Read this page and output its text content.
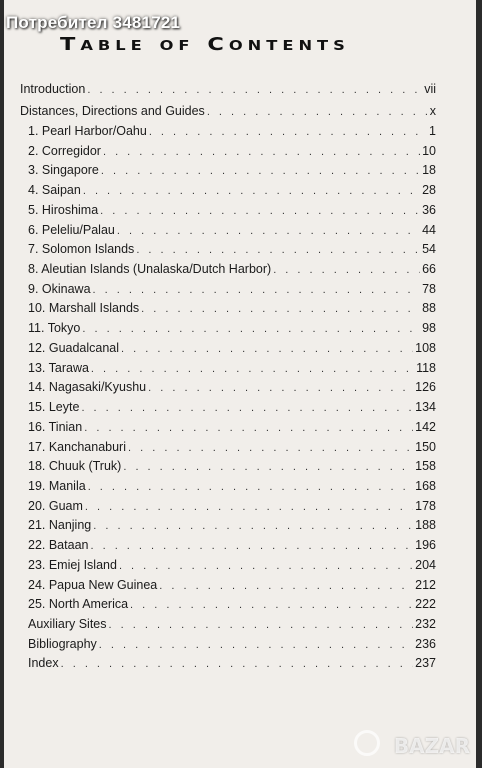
Table of Contents
Introduction . . .	vii
Distances, Directions and Guides . . .	x
1. Pearl Harbor/Oahu . . .	1
2. Corregidor . . .	10
3. Singapore . . .	18
4. Saipan . . .	28
5. Hiroshima . . .	36
6. Peleliu/Palau . . .	44
7. Solomon Islands . . .	54
8. Aleutian Islands (Unalaska/Dutch Harbor) . . .	66
9. Okinawa . . .	78
10. Marshall Islands . . .	88
11. Tokyo . . .	98
12. Guadalcanal . . .	108
13. Tarawa . . .	118
14. Nagasaki/Kyushu . . .	126
15. Leyte . . .	134
16. Tinian . . .	142
17. Kanchanaburi . . .	150
18. Chuuk (Truk) . . .	158
19. Manila . . .	168
20. Guam . . .	178
21. Nanjing . . .	188
22. Bataan . . .	196
23. Emiej Island . . .	204
24. Papua New Guinea . . .	212
25. North America . . .	222
Auxiliary Sites . . .	232
Bibliography . . .	236
Index . . .	237
BAZAR
Потребител 3481721
